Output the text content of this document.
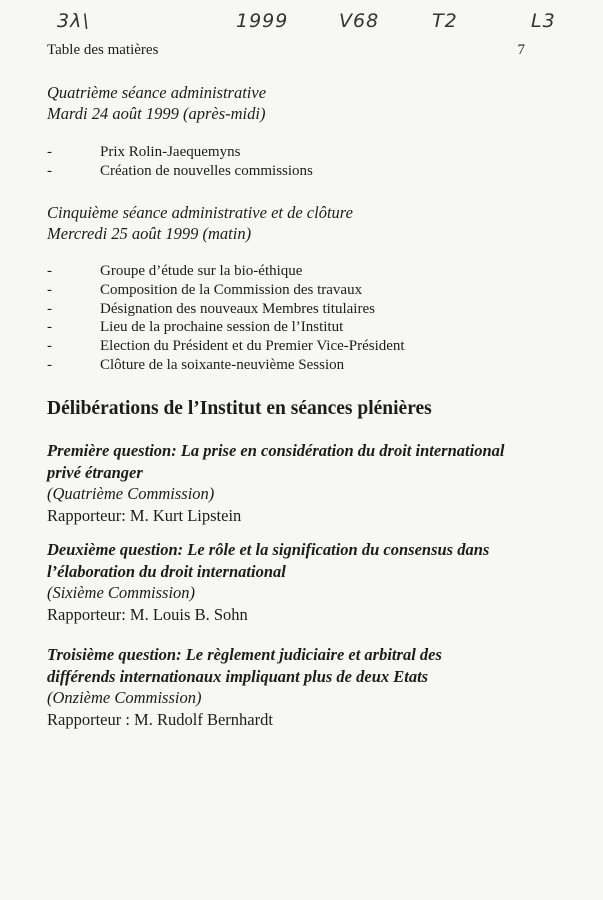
3λ\	1999	V68	T2	L3
Table des matières	7
Quatrième séance administrative
Mardi 24 août 1999 (après-midi)
-	Prix Rolin-Jaequemyns
-	Création de nouvelles commissions
Cinquième séance administrative et de clôture
Mercredi 25 août 1999 (matin)
-	Groupe d’étude sur la bio-éthique
-	Composition de la Commission des travaux
-	Désignation des nouveaux Membres titulaires
-	Lieu de la prochaine session de l’Institut
-	Election du Président et du Premier Vice-Président
-	Clôture de la soixante-neuvième Session
Délibérations de l’Institut en séances plénières
Première question: La prise en considération du droit international
privé étranger
(Quatrième Commission)
Rapporteur: M. Kurt Lipstein
Deuxième question: Le rôle et la signification du consensus dans
l’élaboration du droit international
(Sixième Commission)
Rapporteur: M. Louis B. Sohn
Troisième question: Le règlement judiciaire et arbitral des
différends internationaux impliquant plus de deux Etats
(Onzième Commission)
Rapporteur : M. Rudolf Bernhardt
